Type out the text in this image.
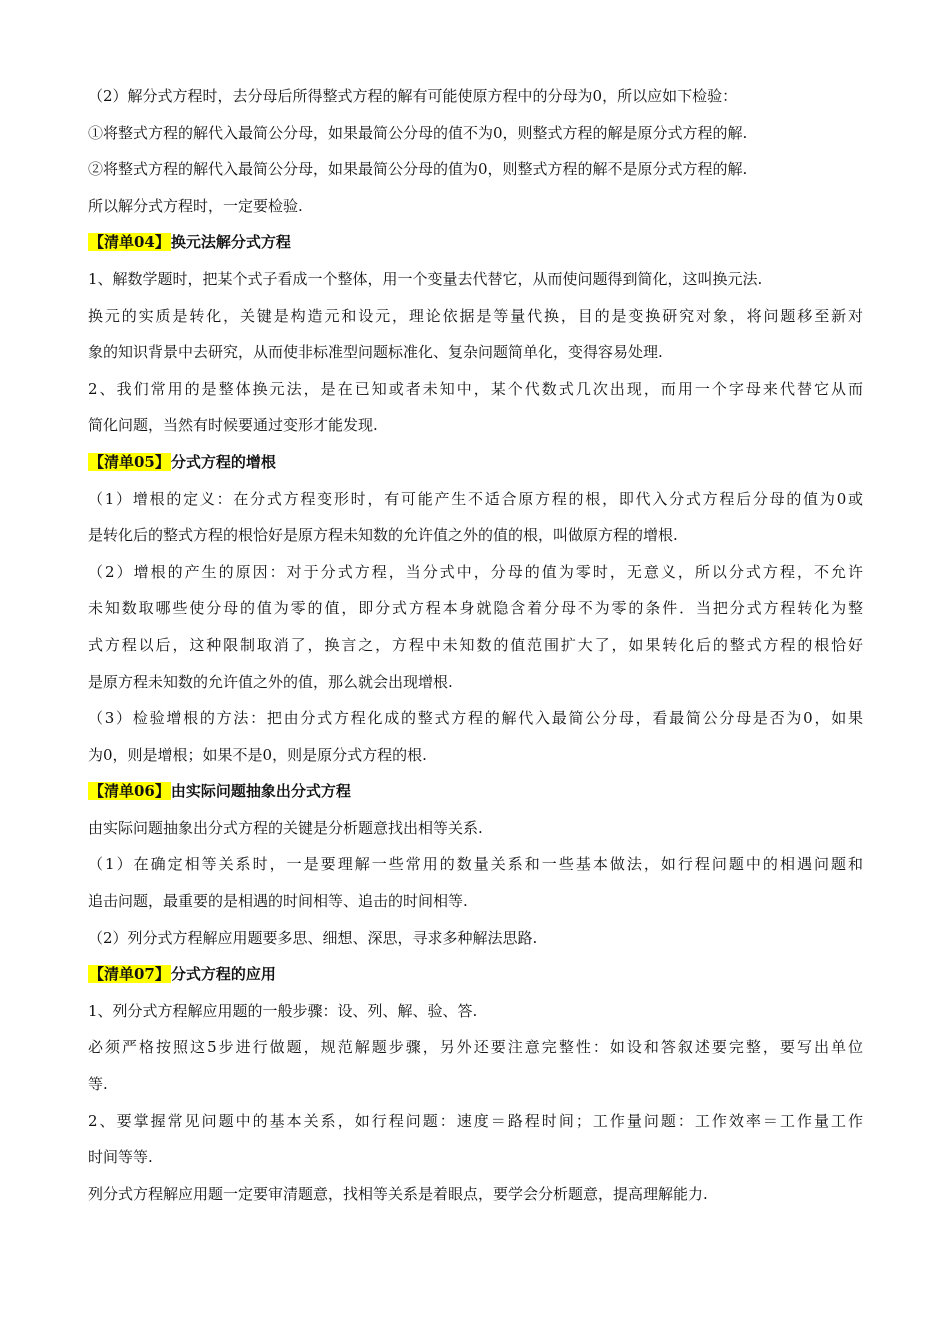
（2）解分式方程时，去分母后所得整式方程的解有可能使原方程中的分母为0，所以应如下检验：
①将整式方程的解代入最简公分母，如果最简公分母的值不为0，则整式方程的解是原分式方程的解.
②将整式方程的解代入最简公分母，如果最简公分母的值为0，则整式方程的解不是原分式方程的解.
所以解分式方程时，一定要检验.
【清单04】换元法解分式方程
1、解数学题时，把某个式子看成一个整体，用一个变量去代替它，从而使问题得到简化，这叫换元法.
换元的实质是转化，关键是构造元和设元，理论依据是等量代换，目的是变换研究对象，将问题移至新对
象的知识背景中去研究，从而使非标准型问题标准化、复杂问题简单化，变得容易处理.
2、我们常用的是整体换元法，是在已知或者未知中，某个代数式几次出现，而用一个字母来代替它从而
简化问题，当然有时候要通过变形才能发现.
【清单05】分式方程的增根
（1）增根的定义：在分式方程变形时，有可能产生不适合原方程的根，即代入分式方程后分母的值为0或
是转化后的整式方程的根恰好是原方程未知数的允许值之外的值的根，叫做原方程的增根.
（2）增根的产生的原因：对于分式方程，当分式中，分母的值为零时，无意义，所以分式方程，不允许
未知数取哪些使分母的值为零的值，即分式方程本身就隐含着分母不为零的条件．当把分式方程转化为整
式方程以后，这种限制取消了，换言之，方程中未知数的值范围扩大了，如果转化后的整式方程的根恰好
是原方程未知数的允许值之外的值，那么就会出现增根.
（3）检验增根的方法：把由分式方程化成的整式方程的解代入最简公分母，看最简公分母是否为0，如果
为0，则是增根；如果不是0，则是原分式方程的根.
【清单06】由实际问题抽象出分式方程
由实际问题抽象出分式方程的关键是分析题意找出相等关系.
（1）在确定相等关系时，一是要理解一些常用的数量关系和一些基本做法，如行程问题中的相遇问题和
追击问题，最重要的是相遇的时间相等、追击的时间相等.
（2）列分式方程解应用题要多思、细想、深思，寻求多种解法思路.
【清单07】分式方程的应用
1、列分式方程解应用题的一般步骤：设、列、解、验、答.
必须严格按照这5步进行做题，规范解题步骤，另外还要注意完整性：如设和答叙述要完整，要写出单位
等.
2、要掌握常见问题中的基本关系，如行程问题：速度＝路程时间；工作量问题：工作效率＝工作量工作
时间等等.
列分式方程解应用题一定要审清题意，找相等关系是着眼点，要学会分析题意，提高理解能力.
